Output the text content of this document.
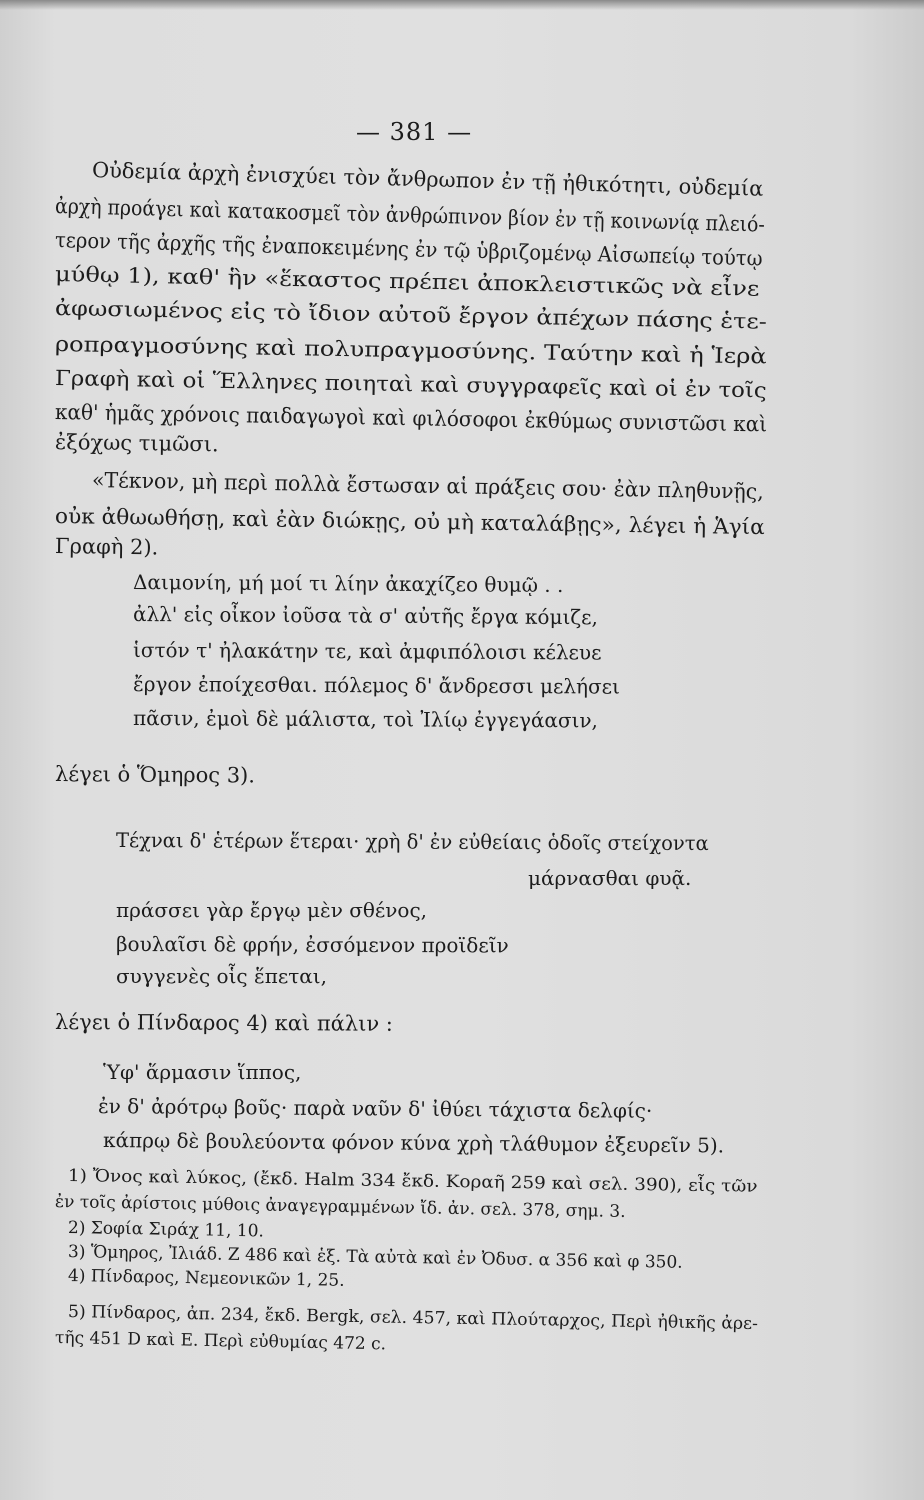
— 381 —
Οὐδεμία ἀρχὴ ἐνισχύει τὸν ἄνθρωπον ἐν τῇ ἠθικότητι, οὐδεμία
ἀρχὴ προάγει καὶ κατακοσμεῖ τὸν ἀνθρώπινον βίον ἐν τῇ κοινωνίᾳ πλειό-
τερον τῆς ἀρχῆς τῆς ἐναποκειμένης ἐν τῷ ὑβριζομένῳ Αἰσωπείῳ τούτῳ
μύθῳ 1), καθ' ἣν «ἕκαστος πρέπει ἀποκλειστικῶς νὰ εἶνε
ἀφωσιωμένος εἰς τὸ ἴδιον αὐτοῦ ἔργον ἀπέχων πάσης ἑτε-
ροπραγμοσύνης καὶ πολυπραγμοσύνης. Ταύτην καὶ ἡ Ἱερὰ
Γραφὴ καὶ οἱ Ἕλληνες ποιηταὶ καὶ συγγραφεῖς καὶ οἱ ἐν τοῖς
καθ' ἡμᾶς χρόνοις παιδαγωγοὶ καὶ φιλόσοφοι ἐκθύμως συνιστῶσι καὶ
ἐξόχως τιμῶσι.
«Τέκνον, μὴ περὶ πολλὰ ἔστωσαν αἱ πράξεις σου· ἐὰν πληθυνῇς,
οὐκ ἀθωωθήσῃ, καὶ ἐὰν διώκῃς, οὐ μὴ καταλάβῃς», λέγει ἡ Ἁγία
Γραφὴ 2).
Δαιμονίη, μή μοί τι λίην ἀκαχίζεο θυμῷ . .
ἀλλ' εἰς οἶκον ἰοῦσα τὰ σ' αὐτῆς ἔργα κόμιζε,
ἱστόν τ' ἠλακάτην τε, καὶ ἀμφιπόλοισι κέλευε
ἔργον ἐποίχεσθαι. πόλεμος δ' ἄνδρεσσι μελήσει
πᾶσιν, ἐμοὶ δὲ μάλιστα, τοὶ Ἰλίῳ ἐγγεγάασιν,
λέγει ὁ Ὅμηρος 3).
Τέχναι δ' ἑτέρων ἕτεραι· χρὴ δ' ἐν εὐθείαις ὁδοῖς στείχοντα
μάρνασθαι φυᾷ.
πράσσει γὰρ ἔργῳ μὲν σθένος,
βουλαῖσι δὲ φρήν, ἐσσόμενον προϊδεῖν
συγγενὲς οἷς ἕπεται,
λέγει ὁ Πίνδαρος 4) καὶ πάλιν :
Ὑφ' ἅρμασιν ἵππος,
ἐν δ' ἀρότρῳ βοῦς· παρὰ ναῦν δ' ἰθύει τάχιστα δελφίς·
κάπρῳ δὲ βουλεύοντα φόνον κύνα χρὴ τλάθυμον ἐξευρεῖν 5).
1) Ὄνος καὶ λύκος, (ἔκδ. Halm 334 ἔκδ. Κοραῆ 259 καὶ σελ. 390), εἷς τῶν
ἐν τοῖς ἀρίστοις μύθοις ἀναγεγραμμένων ἴδ. ἀν. σελ. 378, σημ. 3.
2) Σοφία Σιράχ 11, 10.
3) Ὅμηρος, Ἰλιάδ. Ζ 486 καὶ ἑξ. Τὰ αὐτὰ καὶ ἐν Ὀδυσ. α 356 καὶ φ 350.
4) Πίνδαρος, Νεμεονικῶν 1, 25.
5) Πίνδαρος, ἀπ. 234, ἔκδ. Bergk, σελ. 457, καὶ Πλούταρχος, Περὶ ἠθικῆς ἀρε-
τῆς 451 D καὶ Ε. Περὶ εὐθυμίας 472 c.
